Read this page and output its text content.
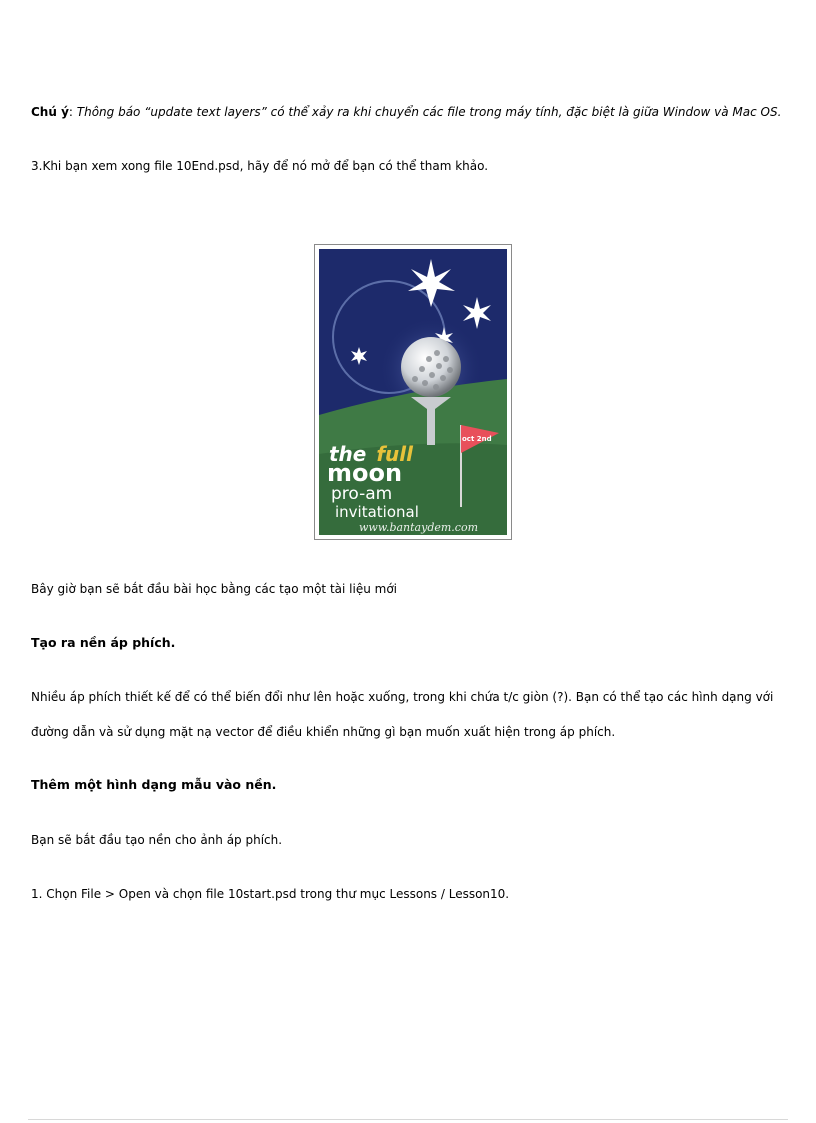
Chú ý: Thông báo “update text layers” có thể xảy ra khi chuyển các file trong máy tính, đặc biệt là giữa Window và Mac OS.
3.Khi bạn xem xong file 10End.psd, hãy để nó mở để bạn có thể tham khảo.
oct 2nd
the full
moon
pro-am
invitational
www.bantaydem.com
Bây giờ bạn sẽ bắt đầu bài học bằng các tạo một tài liệu mới
Tạo ra nền áp phích.
Nhiều áp phích thiết kế để có thể biến đổi như lên hoặc xuống, trong khi chứa t/c giòn (?). Bạn có thể tạo các hình dạng với
đường dẫn và sử dụng mặt nạ vector để điều khiển những gì bạn muốn xuất hiện trong áp phích.
Thêm một hình dạng mẫu vào nền.
Bạn sẽ bắt đầu tạo nền cho ảnh áp phích.
1. Chọn File > Open và chọn file 10start.psd trong thư mục Lessons / Lesson10.
